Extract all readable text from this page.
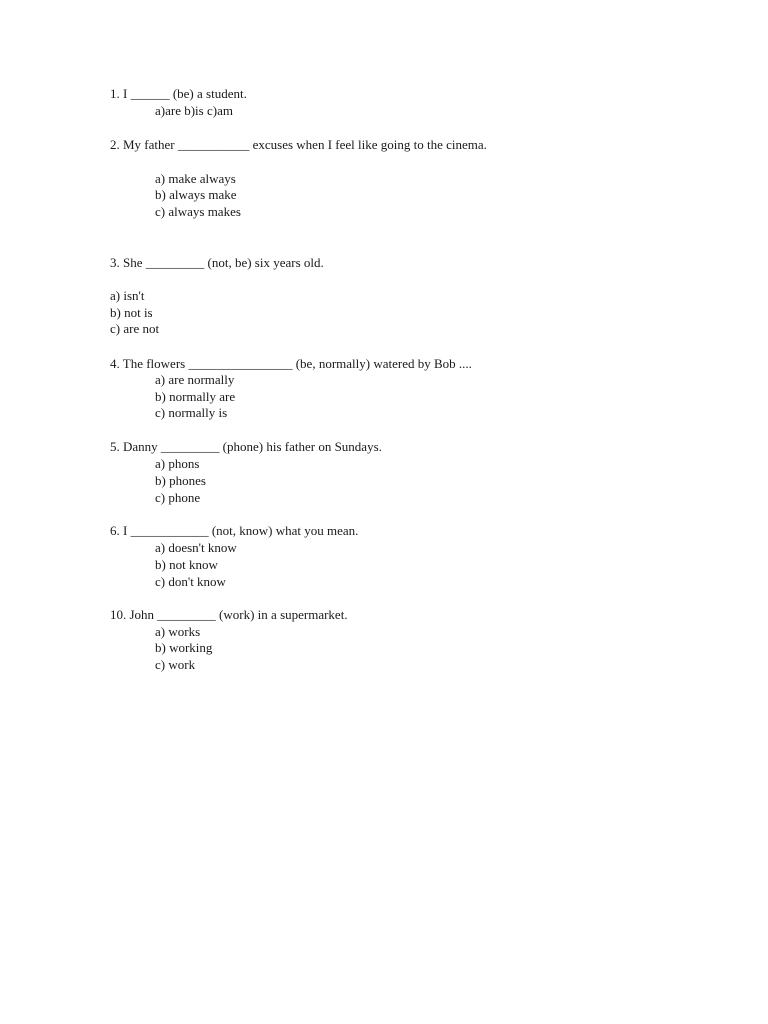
1. I ______ (be) a student.
a)are b)is c)am
2. My father ___________ excuses when I feel like going to the cinema.
a) make always
b) always make
c) always makes
3. She _________ (not, be) six years old.
a) isn't
b) not is
c) are not
4. The flowers ________________ (be, normally) watered by Bob ....
a) are normally
b) normally are
c) normally is
5. Danny _________ (phone) his father on Sundays.
a) phons
b) phones
c) phone
6. I ____________ (not, know) what you mean.
a) doesn't know
b) not know
c) don't know
10. John _________ (work) in a supermarket.
a) works
b) working
c) work
